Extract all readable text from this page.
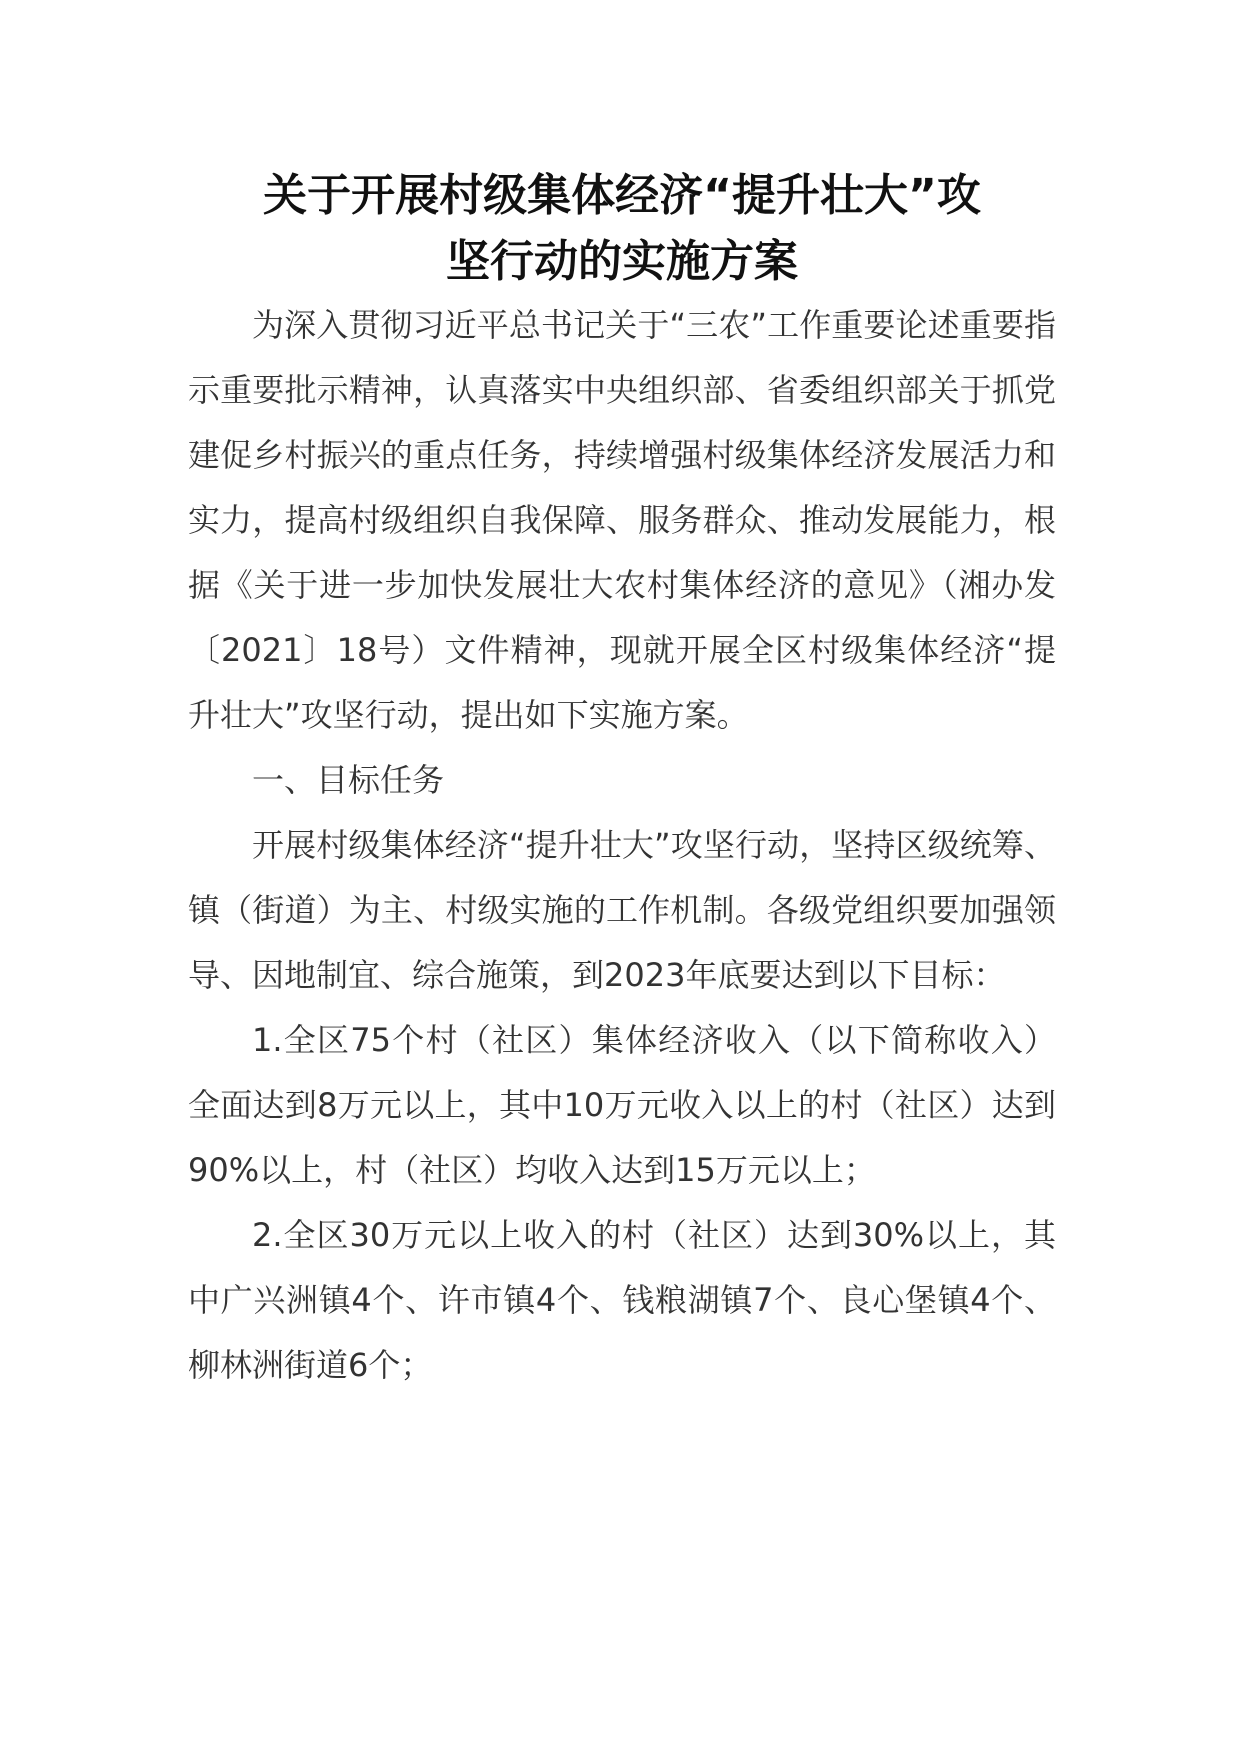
关于开展村级集体经济“提升壮大”攻
坚行动的实施方案

为深入贯彻习近平总书记关于“三农”工作重要论述重要指示重要批示精神，认真落实中央组织部、省委组织部关于抓党建促乡村振兴的重点任务，持续增强村级集体经济发展活力和实力，提高村级组织自我保障、服务群众、推动发展能力，根据《关于进一步加快发展壮大农村集体经济的意见》（湘办发〔2021〕18号）文件精神，现就开展全区村级集体经济“提升壮大”攻坚行动，提出如下实施方案。

一、目标任务

开展村级集体经济“提升壮大”攻坚行动，坚持区级统筹、镇（街道）为主、村级实施的工作机制。各级党组织要加强领导、因地制宜、综合施策，到2023年底要达到以下目标：

1.全区75个村（社区）集体经济收入（以下简称收入）全面达到8万元以上，其中10万元收入以上的村（社区）达到90%以上，村（社区）均收入达到15万元以上；

2.全区30万元以上收入的村（社区）达到30%以上，其中广兴洲镇4个、许市镇4个、钱粮湖镇7个、良心堡镇4个、柳林洲街道6个；
